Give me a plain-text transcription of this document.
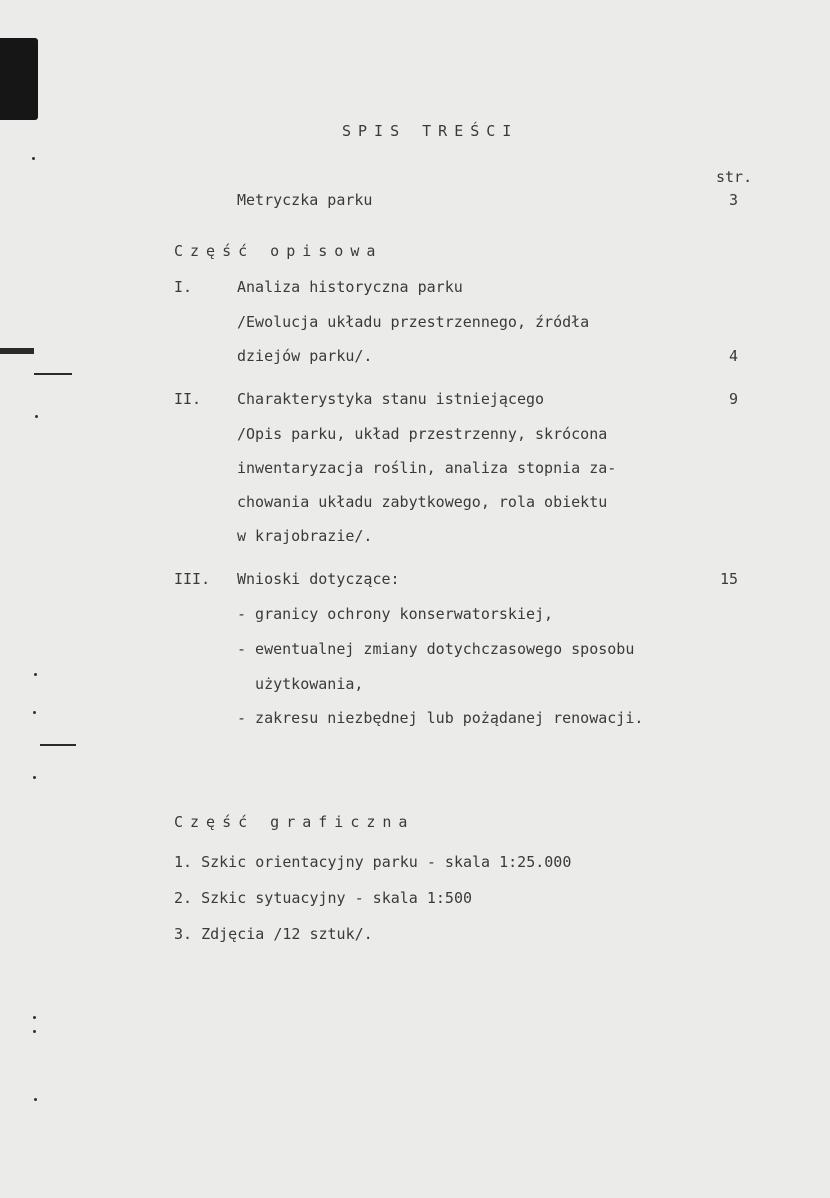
SPIS TREŚCI
str.
Metryczka parku	3
Część opisowa
I.	Analiza historyczna parku
/Ewolucja układu przestrzennego, źródła
dziejów parku/.	4
II. Charakterystyka stanu istniejącego	9
/Opis parku, układ przestrzenny, skrócona
inwentaryzacja roślin, analiza stopnia za-
chowania układu zabytkowego, rola obiektu
w krajobrazie/.
III. Wnioski dotyczące:	15
- granicy ochrony konserwatorskiej,
- ewentualnej zmiany dotychczasowego sposobu
użytkowania,
- zakresu niezbędnej lub pożądanej renowacji.
Część graficzna
1. Szkic orientacyjny parku - skala 1:25.000
2. Szkic sytuacyjny - skala 1:500
3. Zdjęcia /12 sztuk/.
